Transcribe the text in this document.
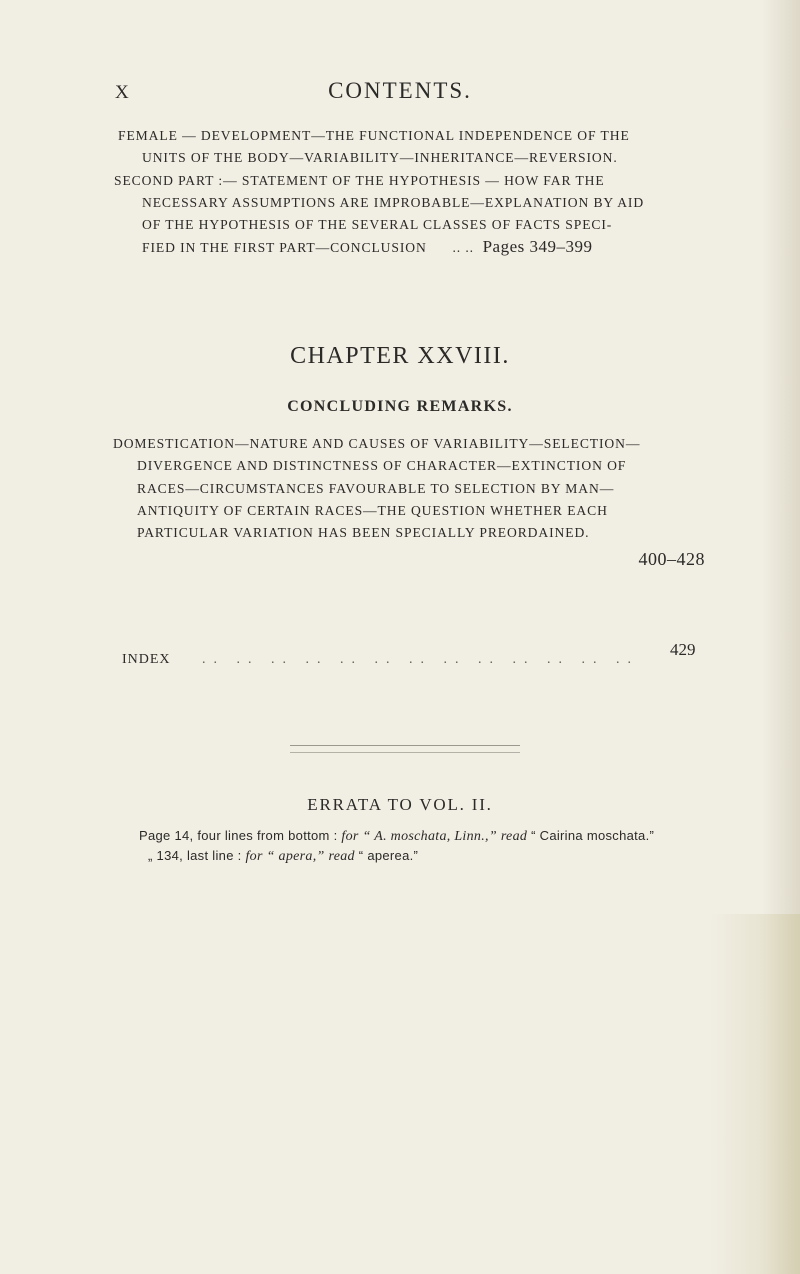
X	CONTENTS.
FEMALE — DEVELOPMENT—THE FUNCTIONAL INDEPENDENCE OF THE
UNITS OF THE BODY—VARIABILITY—INHERITANCE—REVERSION.
SECOND PART :— STATEMENT OF THE HYPOTHESIS — HOW FAR THE
NECESSARY ASSUMPTIONS ARE IMPROBABLE—EXPLANATION BY AID
OF THE HYPOTHESIS OF THE SEVERAL CLASSES OF FACTS SPECI-
FIED IN THE FIRST PART—CONCLUSION .. .. Pages 349–399
CHAPTER XXVIII.
CONCLUDING REMARKS.
DOMESTICATION—NATURE AND CAUSES OF VARIABILITY—SELECTION—
DIVERGENCE AND DISTINCTNESS OF CHARACTER—EXTINCTION OF
RACES—CIRCUMSTANCES FAVOURABLE TO SELECTION BY MAN—
ANTIQUITY OF CERTAIN RACES—THE QUESTION WHETHER EACH
PARTICULAR VARIATION HAS BEEN SPECIALLY PREORDAINED.
400–428
INDEX .. .. .. .. .. .. .. .. .. .. .. .. ..
429
ERRATA TO VOL. II.
Page 14, four lines from bottom : for “ A. moschata, Linn.,” read “ Cairina moschata.”
„ 134, last line : for “ apera,” read “ aperea.”
